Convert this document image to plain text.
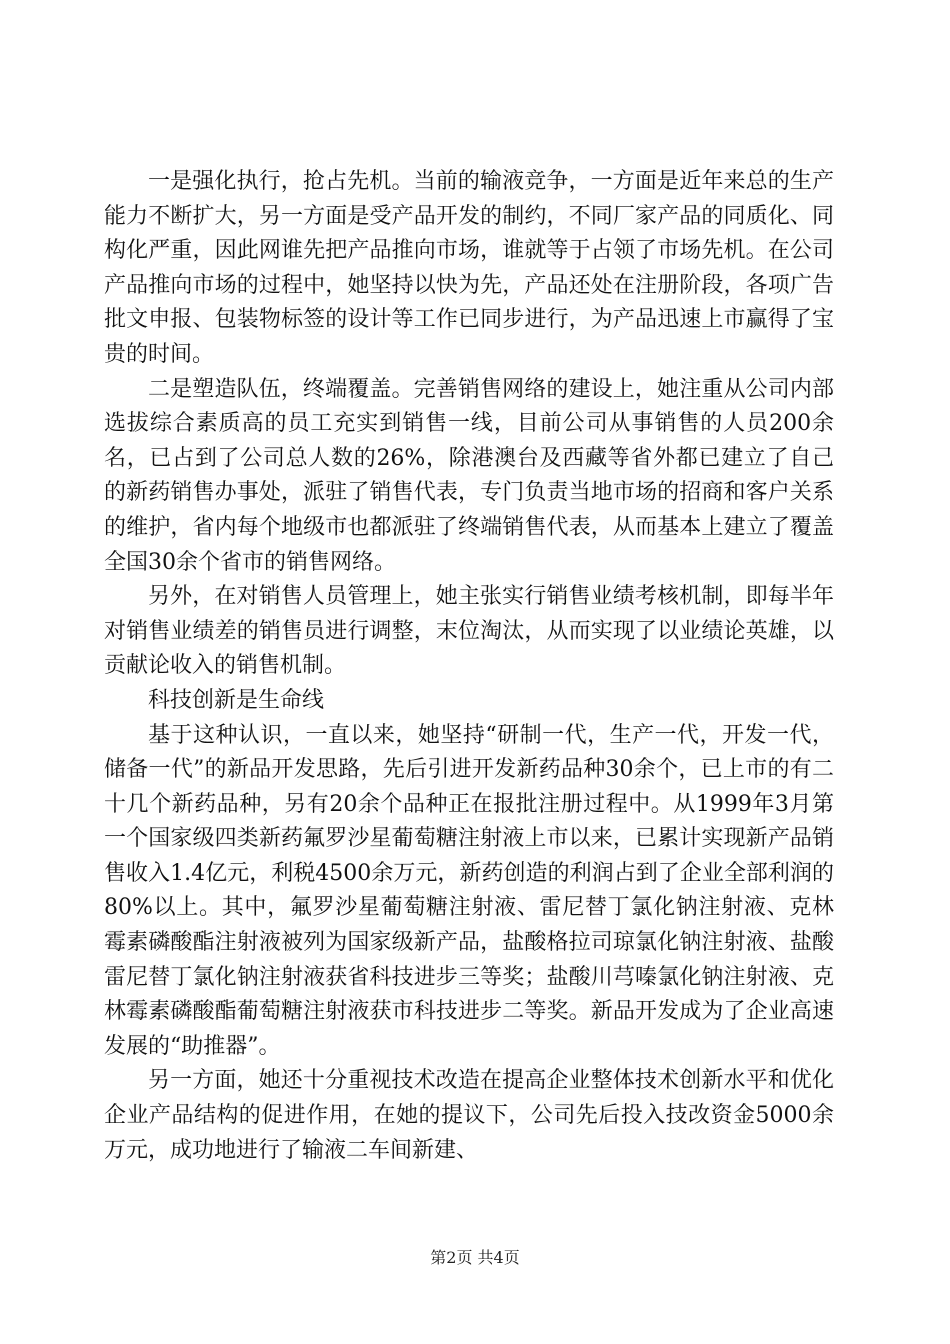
一是强化执行，抢占先机。当前的输液竞争，一方面是近年来总的生产能力不断扩大，另一方面是受产品开发的制约，不同厂家产品的同质化、同构化严重，因此网谁先把产品推向市场，谁就等于占领了市场先机。在公司产品推向市场的过程中，她坚持以快为先，产品还处在注册阶段，各项广告批文申报、包装物标签的设计等工作已同步进行，为产品迅速上市赢得了宝贵的时间。

二是塑造队伍，终端覆盖。完善销售网络的建设上，她注重从公司内部选拔综合素质高的员工充实到销售一线，目前公司从事销售的人员200余名，已占到了公司总人数的26%，除港澳台及西藏等省外都已建立了自己的新药销售办事处，派驻了销售代表，专门负责当地市场的招商和客户关系的维护，省内每个地级市也都派驻了终端销售代表，从而基本上建立了覆盖全国30余个省市的销售网络。

另外，在对销售人员管理上，她主张实行销售业绩考核机制，即每半年对销售业绩差的销售员进行调整，末位淘汰，从而实现了以业绩论英雄，以贡献论收入的销售机制。

科技创新是生命线

基于这种认识，一直以来，她坚持“研制一代，生产一代，开发一代，储备一代”的新品开发思路，先后引进开发新药品种30余个，已上市的有二十几个新药品种，另有20余个品种正在报批注册过程中。从1999年3月第一个国家级四类新药氟罗沙星葡萄糖注射液上市以来，已累计实现新产品销售收入1.4亿元，利税4500余万元，新药创造的利润占到了企业全部利润的80%以上。其中，氟罗沙星葡萄糖注射液、雷尼替丁氯化钠注射液、克林霉素磷酸酯注射液被列为国家级新产品，盐酸格拉司琼氯化钠注射液、盐酸雷尼替丁氯化钠注射液获省科技进步三等奖；盐酸川芎嗪氯化钠注射液、克林霉素磷酸酯葡萄糖注射液获市科技进步二等奖。新品开发成为了企业高速发展的“助推器”。

另一方面，她还十分重视技术改造在提高企业整体技术创新水平和优化企业产品结构的促进作用，在她的提议下，公司先后投入技改资金5000余万元，成功地进行了输液二车间新建、

第2页 共4页
